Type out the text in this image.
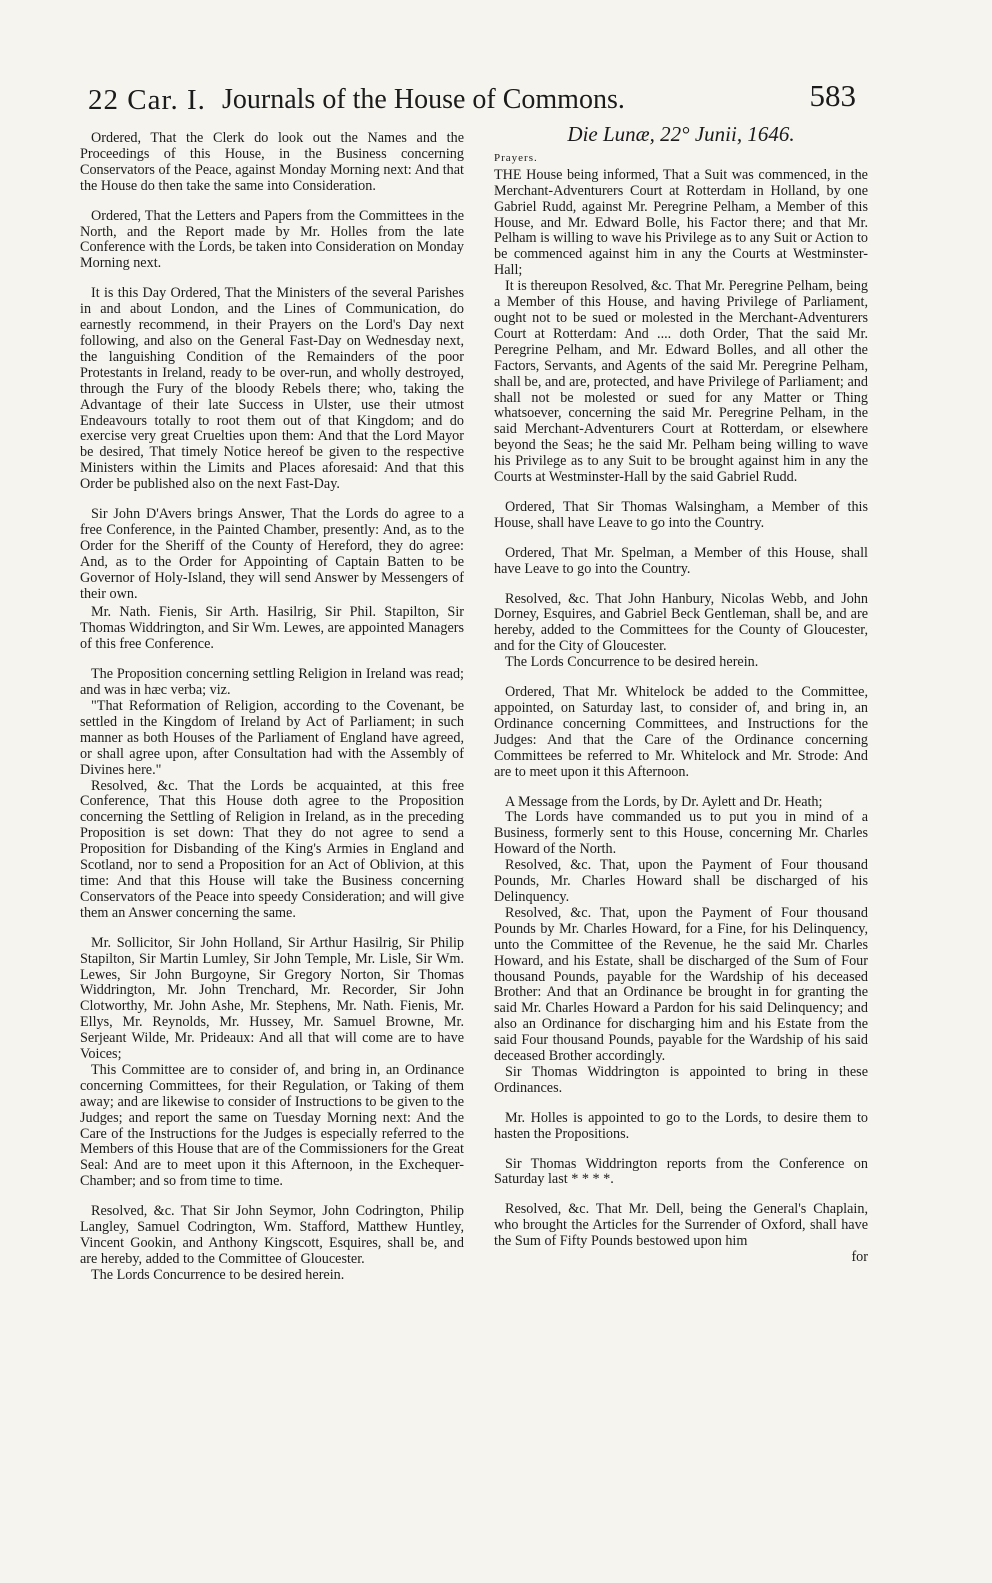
22 Car. I. Journals of the House of Commons.	583

Ordered, That the Clerk do look out the Names and the Proceedings of this House, in the Business concerning Conservators of the Peace, against Monday Morning next: And that the House do then take the same into Consideration.

Ordered, That the Letters and Papers from the Committees in the North, and the Report made by Mr. Holles from the late Conference with the Lords, be taken into Consideration on Monday Morning next.

It is this Day Ordered, That the Ministers of the several Parishes in and about London, and the Lines of Communication, do earnestly recommend, in their Prayers on the Lord's Day next following, and also on the General Fast-Day on Wednesday next, the languishing Condition of the Remainders of the poor Protestants in Ireland, ready to be over-run, and wholly destroyed, through the Fury of the bloody Rebels there; who, taking the Advantage of their late Success in Ulster, use their utmost Endeavours totally to root them out of that Kingdom; and do exercise very great Cruelties upon them: And that the Lord Mayor be desired, That timely Notice hereof be given to the respective Ministers within the Limits and Places aforesaid: And that this Order be published also on the next Fast-Day.

Sir John D'Avers brings Answer, That the Lords do agree to a free Conference, in the Painted Chamber, presently: And, as to the Order for the Sheriff of the County of Hereford, they do agree: And, as to the Order for Appointing of Captain Batten to be Governor of Holy-Island, they will send Answer by Messengers of their own.

Mr. Nath. Fienis, Sir Arth. Hasilrig, Sir Phil. Stapilton, Sir Thomas Widdrington, and Sir Wm. Lewes, are appointed Managers of this free Conference.

The Proposition concerning settling Religion in Ireland was read; and was in hæc verba; viz.

"That Reformation of Religion, according to the Covenant, be settled in the Kingdom of Ireland by Act of Parliament; in such manner as both Houses of the Parliament of England have agreed, or shall agree upon, after Consultation had with the Assembly of Divines here."

Resolved, &c. That the Lords be acquainted, at this free Conference, That this House doth agree to the Proposition concerning the Settling of Religion in Ireland, as in the preceding Proposition is set down: That they do not agree to send a Proposition for Disbanding of the King's Armies in England and Scotland, nor to send a Proposition for an Act of Oblivion, at this time: And that this House will take the Business concerning Conservators of the Peace into speedy Consideration; and will give them an Answer concerning the same.

Mr. Sollicitor, Sir John Holland, Sir Arthur Hasilrig, Sir Philip Stapilton, Sir Martin Lumley, Sir John Temple, Mr. Lisle, Sir Wm. Lewes, Sir John Burgoyne, Sir Gregory Norton, Sir Thomas Widdrington, Mr. John Trenchard, Mr. Recorder, Sir John Clotworthy, Mr. John Ashe, Mr. Stephens, Mr. Nath. Fienis, Mr. Ellys, Mr. Reynolds, Mr. Hussey, Mr. Samuel Browne, Mr. Serjeant Wilde, Mr. Prideaux: And all that will come are to have Voices;

This Committee are to consider of, and bring in, an Ordinance concerning Committees, for their Regulation, or Taking of them away; and are likewise to consider of Instructions to be given to the Judges; and report the same on Tuesday Morning next: And the Care of the Instructions for the Judges is especially referred to the Members of this House that are of the Commissioners for the Great Seal: And are to meet upon it this Afternoon, in the Exchequer-Chamber; and so from time to time.

Resolved, &c. That Sir John Seymor, John Codrington, Philip Langley, Samuel Codrington, Wm. Stafford, Matthew Huntley, Vincent Gookin, and Anthony Kingscott, Esquires, shall be, and are hereby, added to the Committee of Gloucester.

The Lords Concurrence to be desired herein.

Die Lunæ, 22° Junii, 1646.
Prayers.

THE House being informed, That a Suit was commenced, in the Merchant-Adventurers Court at Rotterdam in Holland, by one Gabriel Rudd, against Mr. Peregrine Pelham, a Member of this House, and Mr. Edward Bolle, his Factor there; and that Mr. Pelham is willing to wave his Privilege as to any Suit or Action to be commenced against him in any the Courts at Westminster-Hall;

It is thereupon Resolved, &c. That Mr. Peregrine Pelham, being a Member of this House, and having Privilege of Parliament, ought not to be sued or molested in the Merchant-Adventurers Court at Rotterdam: And .... doth Order, That the said Mr. Peregrine Pelham, and Mr. Edward Bolles, and all other the Factors, Servants, and Agents of the said Mr. Peregrine Pelham, shall be, and are, protected, and have Privilege of Parliament; and shall not be molested or sued for any Matter or Thing whatsoever, concerning the said Mr. Peregrine Pelham, in the said Merchant-Adventurers Court at Rotterdam, or elsewhere beyond the Seas; he the said Mr. Pelham being willing to wave his Privilege as to any Suit to be brought against him in any the Courts at Westminster-Hall by the said Gabriel Rudd.

Ordered, That Sir Thomas Walsingham, a Member of this House, shall have Leave to go into the Country.

Ordered, That Mr. Spelman, a Member of this House, shall have Leave to go into the Country.

Resolved, &c. That John Hanbury, Nicolas Webb, and John Dorney, Esquires, and Gabriel Beck Gentleman, shall be, and are hereby, added to the Committees for the County of Gloucester, and for the City of Gloucester.

The Lords Concurrence to be desired herein.

Ordered, That Mr. Whitelock be added to the Committee, appointed, on Saturday last, to consider of, and bring in, an Ordinance concerning Committees, and Instructions for the Judges: And that the Care of the Ordinance concerning Committees be referred to Mr. Whitelock and Mr. Strode: And are to meet upon it this Afternoon.

A Message from the Lords, by Dr. Aylett and Dr. Heath;

The Lords have commanded us to put you in mind of a Business, formerly sent to this House, concerning Mr. Charles Howard of the North.

Resolved, &c. That, upon the Payment of Four thousand Pounds, Mr. Charles Howard shall be discharged of his Delinquency.

Resolved, &c. That, upon the Payment of Four thousand Pounds by Mr. Charles Howard, for a Fine, for his Delinquency, unto the Committee of the Revenue, he the said Mr. Charles Howard, and his Estate, shall be discharged of the Sum of Four thousand Pounds, payable for the Wardship of his deceased Brother: And that an Ordinance be brought in for granting the said Mr. Charles Howard a Pardon for his said Delinquency; and also an Ordinance for discharging him and his Estate from the said Four thousand Pounds, payable for the Wardship of his said deceased Brother accordingly.

Sir Thomas Widdrington is appointed to bring in these Ordinances.

Mr. Holles is appointed to go to the Lords, to desire them to hasten the Propositions.

Sir Thomas Widdrington reports from the Conference on Saturday last * * * *.

Resolved, &c. That Mr. Dell, being the General's Chaplain, who brought the Articles for the Surrender of Oxford, shall have the Sum of Fifty Pounds bestowed upon him

for
